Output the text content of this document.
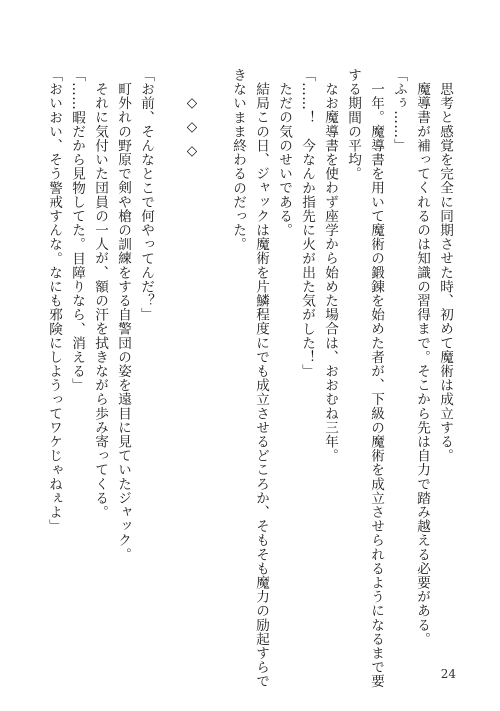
思考と感覚を完全に同期させた時、初めて魔術は成立する。
魔導書が補ってくれるのは知識の習得まで。そこから先は自力で踏み越える必要がある。
「ふぅ……」
一年。魔導書を用いて魔術の鍛錬を始めた者が、下級の魔術を成立させられるようになるまで要
する期間の平均。
なお魔導書を使わず座学から始めた場合は、おおむね三年。
「……！　今なんか指先に火が出た気がした！」
ただの気のせいである。
結局この日、ジャックは魔術を片鱗程度にでも成立させるどころか、そもそも魔力の励起すらで
きないまま終わるのだった。
◇◇◇
「お前、そんなとこで何やってんだ？」
町外れの野原で剣や槍の訓練をする自警団の姿を遠目に見ていたジャック。
それに気付いた団員の一人が、額の汗を拭きながら歩み寄ってくる。
「……暇だから見物してた。目障りなら、消える」
「おいおい、そう警戒すんな。なにも邪険にしようってワケじゃねぇよ」
24
